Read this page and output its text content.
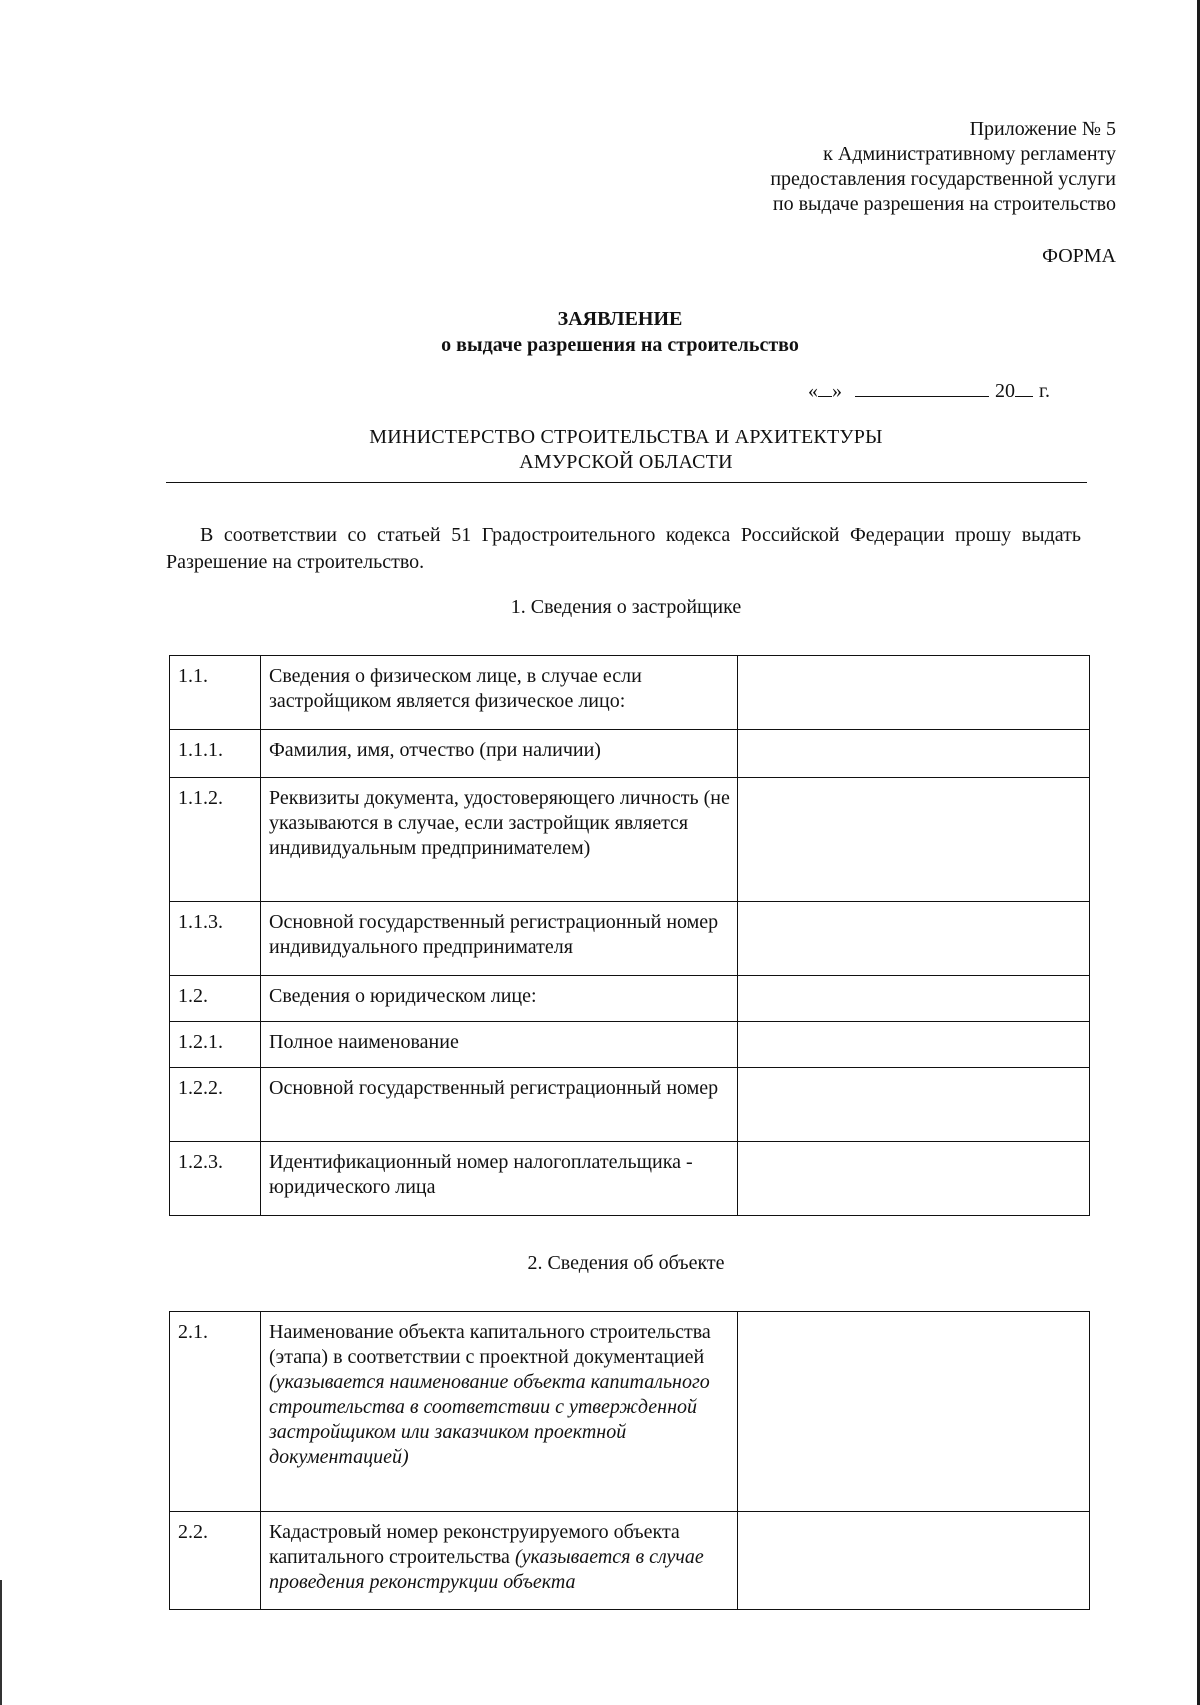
Приложение № 5
к Административному регламенту
предоставления государственной услуги
по выдаче разрешения на строительство
ФОРМА
ЗАЯВЛЕНИЕ
о выдаче разрешения на строительство
« »	20 г.
МИНИСТЕРСТВО СТРОИТЕЛЬСТВА И АРХИТЕКТУРЫ
АМУРСКОЙ ОБЛАСТИ
В соответствии со статьей 51 Градостроительного кодекса Российской Федерации прошу выдать Разрешение на строительство.
1. Сведения о застройщике
1.1.	Сведения о физическом лице, в случае если застройщиком является физическое лицо:	
1.1.1.	Фамилия, имя, отчество (при наличии)	
1.1.2.	Реквизиты документа, удостоверяющего личность (не указываются в случае, если застройщик является индивидуальным предпринимателем)	
1.1.3.	Основной государственный регистрационный номер индивидуального предпринимателя	
1.2.	Сведения о юридическом лице:	
1.2.1.	Полное наименование	
1.2.2.	Основной государственный регистрационный номер	
1.2.3.	Идентификационный номер налогоплательщика - юридического лица	
2. Сведения об объекте
2.1.	Наименование объекта капитального строительства (этапа) в соответствии с проектной документацией (указывается наименование объекта капитального строительства в соответствии с утвержденной застройщиком или заказчиком проектной документацией)	
2.2.	Кадастровый номер реконструируемого объекта капитального строительства (указывается в случае проведения реконструкции объекта	
